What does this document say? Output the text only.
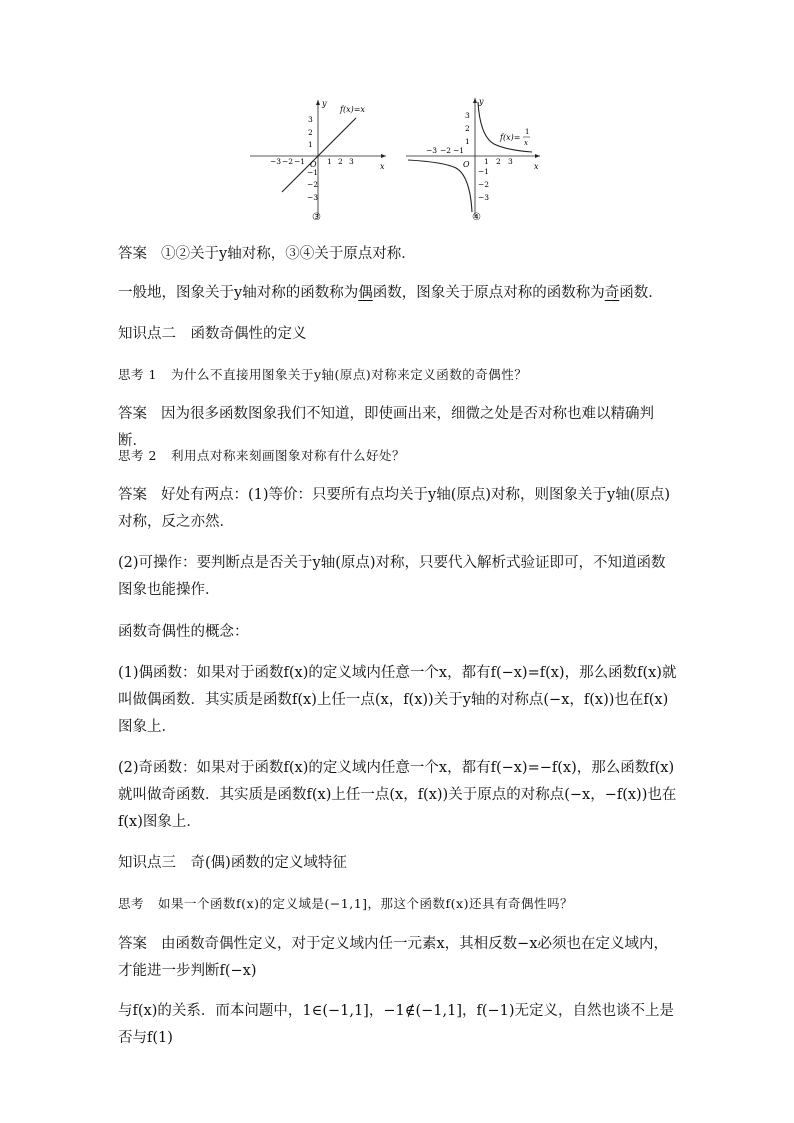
x
y
O
f(x)=x
−3 −2 −1	1 2 3
3
2
1
−1
−2
−3
③
x
y
O
f(x)=
1
x
−3 −2 −1
1 2 3
3
2
1
−1
−2
−3
④
答案 ①②关于y轴对称，③④关于原点对称．
一般地，图象关于y轴对称的函数称为偶函数，图象关于原点对称的函数称为奇函数．
知识点二　函数奇偶性的定义
思考 1 为什么不直接用图象关于y轴(原点)对称来定义函数的奇偶性？
答案 因为很多函数图象我们不知道，即使画出来，细微之处是否对称也难以精确判断．
思考 2 利用点对称来刻画图象对称有什么好处？
答案 好处有两点：(1)等价：只要所有点均关于y轴(原点)对称，则图象关于y轴(原点)对称，反之亦然．
(2)可操作：要判断点是否关于y轴(原点)对称，只要代入解析式验证即可，不知道函数图象也能操作．
函数奇偶性的概念：
(1)偶函数：如果对于函数f(x)的定义域内任意一个x，都有f(−x)=f(x)，那么函数f(x)就叫做偶函数．其实质是函数f(x)上任一点(x，f(x))关于y轴的对称点(−x，f(x))也在f(x)图象上．
(2)奇函数：如果对于函数f(x)的定义域内任意一个x，都有f(−x)=−f(x)，那么函数f(x)就叫做奇函数．其实质是函数f(x)上任一点(x，f(x))关于原点的对称点(−x，−f(x))也在f(x)图象上．
知识点三　奇(偶)函数的定义域特征
思考 如果一个函数f(x)的定义域是(−1,1]，那这个函数f(x)还具有奇偶性吗？
答案 由函数奇偶性定义，对于定义域内任一元素x，其相反数−x必须也在定义域内，才能进一步判断f(−x)
与f(x)的关系．而本问题中，1∈(−1,1]，−1∉(−1,1]，f(−1)无定义，自然也谈不上是否与f(1)
